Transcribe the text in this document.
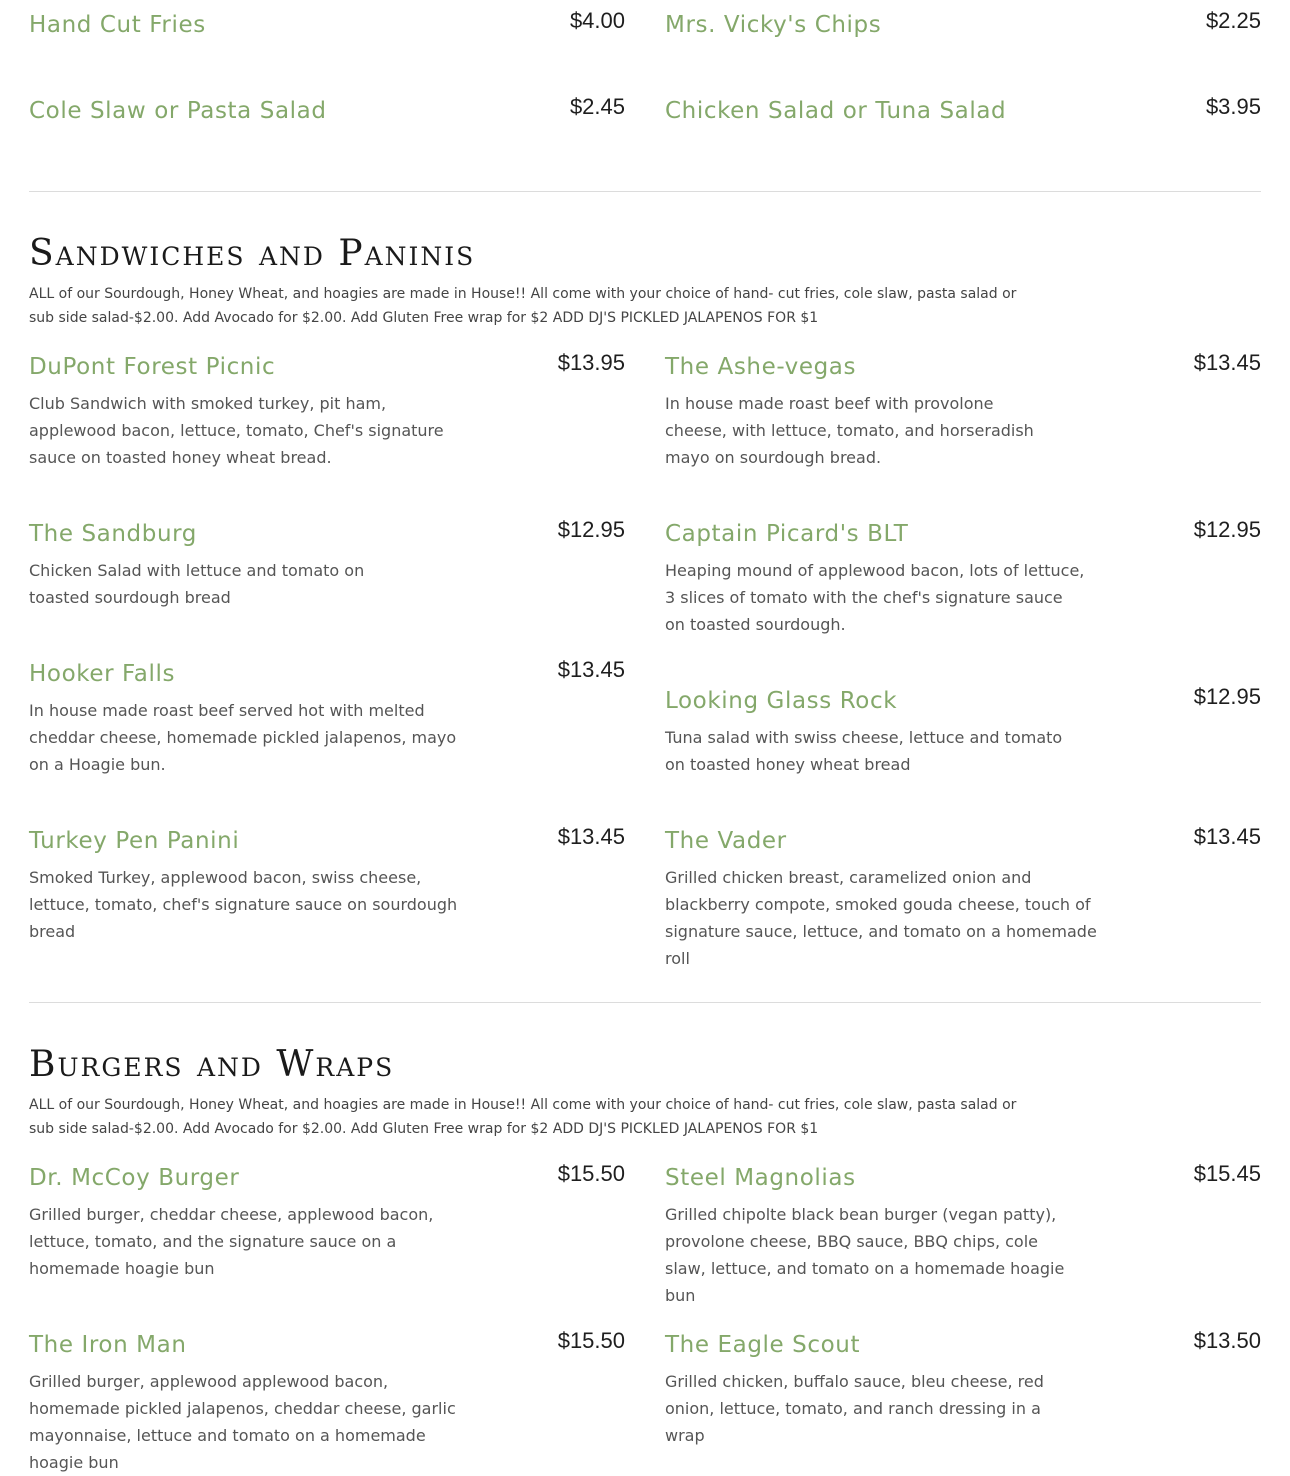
Hand Cut Fries	$4.00 Mrs. Vicky's Chips	$2.25
Cole Slaw or Pasta Salad	$2.45 Chicken Salad or Tuna Salad	$3.95
Sandwiches and Paninis
ALL of our Sourdough, Honey Wheat, and hoagies are made in House!! All come with your choice of hand- cut fries, cole slaw, pasta salad or sub side salad-$2.00. Add Avocado for $2.00. Add Gluten Free wrap for $2 ADD DJ'S PICKLED JALAPENOS FOR $1
DuPont Forest Picnic	$13.95
Club Sandwich with smoked turkey, pit ham, applewood bacon, lettuce, tomato, Chef's signature sauce on toasted honey wheat bread.
The Ashe-vegas	$13.45
In house made roast beef with provolone cheese, with lettuce, tomato, and horseradish mayo on sourdough bread.
The Sandburg	$12.95
Chicken Salad with lettuce and tomato on toasted sourdough bread
Captain Picard's BLT	$12.95
Heaping mound of applewood bacon, lots of lettuce, 3 slices of tomato with the chef's signature sauce on toasted sourdough.
Hooker Falls	$13.45
In house made roast beef served hot with melted cheddar cheese, homemade pickled jalapenos, mayo on a Hoagie bun.
Looking Glass Rock	$12.95
Tuna salad with swiss cheese, lettuce and tomato on toasted honey wheat bread
Turkey Pen Panini	$13.45
Smoked Turkey, applewood bacon, swiss cheese, lettuce, tomato, chef's signature sauce on sourdough bread
The Vader	$13.45
Grilled chicken breast, caramelized onion and blackberry compote, smoked gouda cheese, touch of signature sauce, lettuce, and tomato on a homemade roll
Burgers and Wraps
ALL of our Sourdough, Honey Wheat, and hoagies are made in House!! All come with your choice of hand- cut fries, cole slaw, pasta salad or sub side salad-$2.00. Add Avocado for $2.00. Add Gluten Free wrap for $2 ADD DJ'S PICKLED JALAPENOS FOR $1
Dr. McCoy Burger	$15.50
Grilled burger, cheddar cheese, applewood bacon, lettuce, tomato, and the signature sauce on a homemade hoagie bun
Steel Magnolias	$15.45
Grilled chipolte black bean burger (vegan patty), provolone cheese, BBQ sauce, BBQ chips, cole slaw, lettuce, and tomato on a homemade hoagie bun
The Iron Man	$15.50
Grilled burger, applewood applewood bacon, homemade pickled jalapenos, cheddar cheese, garlic mayonnaise, lettuce and tomato on a homemade hoagie bun
The Eagle Scout	$13.50
Grilled chicken, buffalo sauce, bleu cheese, red onion, lettuce, tomato, and ranch dressing in a wrap
